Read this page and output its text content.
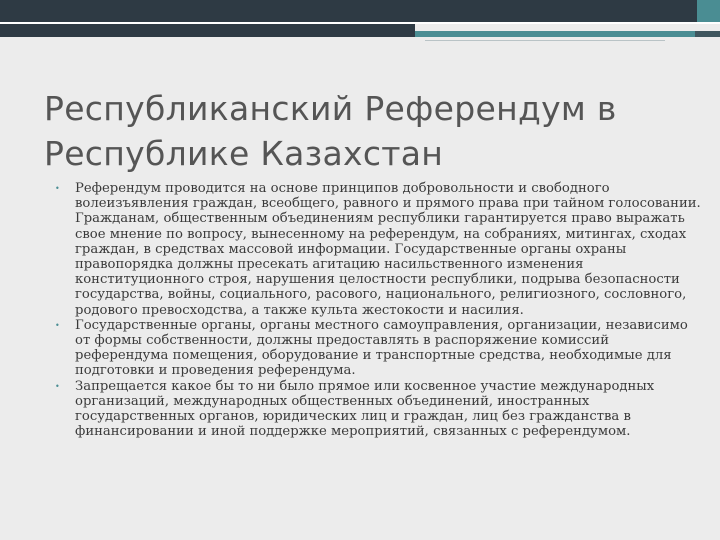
Республиканский Референдум в Республике Казахстан
• Референдум проводится на основе принципов добровольности и свободного волеизъявления граждан, всеобщего, равного и прямого права при тайном голосовании. Гражданам, общественным объединениям республики гарантируется право выражать свое мнение по вопросу, вынесенному на референдум, на собраниях, митингах, сходах граждан, в средствах массовой информации. Государственные органы охраны правопорядка должны пресекать агитацию насильственного изменения конституционного строя, нарушения целостности республики, подрыва безопасности государства, войны, социального, расового, национального, религиозного, сословного, родового превосходства, а также культа жестокости и насилия.
• Государственные органы, органы местного самоуправления, организации, независимо от формы собственности, должны предоставлять в распоряжение комиссий референдума помещения, оборудование и транспортные средства, необходимые для подготовки и проведения референдума.
• Запрещается какое бы то ни было прямое или косвенное участие международных организаций, международных общественных объединений, иностранных государственных органов, юридических лиц и граждан, лиц без гражданства в финансировании и иной поддержке мероприятий, связанных с референдумом.
